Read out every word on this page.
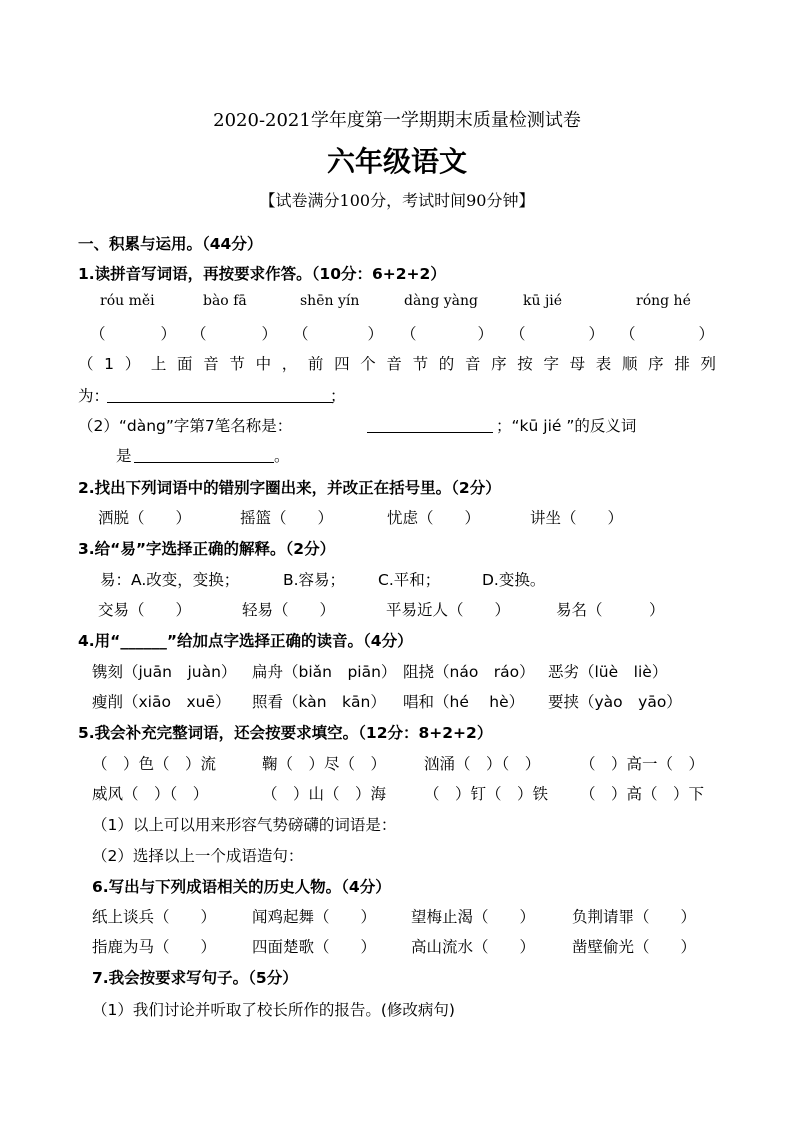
2020-2021学年度第一学期期末质量检测试卷
六年级语文
【试卷满分100分，考试时间90分钟】
一、积累与运用。（44分）
1.读拼音写词语，再按要求作答。（10分：6+2+2）
róu měi	bào fā	shēn yín	dàng yàng	kū jié	róng hé
（	） （	） （	） （	） （	） （	）
（1）上面音节中，前四个音节的音序按字母表顺序排列
为：	；
（2）“dàng”字第7笔名称是：	；“kū jié ”的反义词
是	。
2.找出下列词语中的错别字圈出来，并改正在括号里。（2分）
洒脱（　　）	摇篮（　　）	忧虑（　　）	讲坐（　　）
3.给“易”字选择正确的解释。（2分）
易：A.改变，变换；	B.容易； C.平和；	D.变换。
交易（　　）	轻易（　　）	平易近人（　　）	易名（　　　）
4.用“______”给加点字选择正确的读音。（4分）
镌刻（juān　juàn） 扁舟（biǎn　piān） 阻挠（náo　ráo） 恶劣（lüè　liè）
瘦削（xiāo　xuē） 照看（kàn　kān） 唱和（hé　 hè） 要挟（yào　yāo）
5.我会补充完整词语，还会按要求填空。（12分：8+2+2）
（　）色（　）流	鞠（　）尽（　） 汹涌（　）（　）	（　）高一（　）
威风（　）（　）	（　）山（　）海 （　）钉（　）铁 （　）高（　）下
（1）以上可以用来形容气势磅礴的词语是：
（2）选择以上一个成语造句：
6.写出与下列成语相关的历史人物。（4分）
纸上谈兵（　　） 闻鸡起舞（　　） 望梅止渴（　　） 负荆请罪（　　）
指鹿为马（　　） 四面楚歌（　　） 高山流水（　　） 凿壁偷光（　　）
7.我会按要求写句子。（5分）
（1）我们讨论并听取了校长所作的报告。(修改病句)
